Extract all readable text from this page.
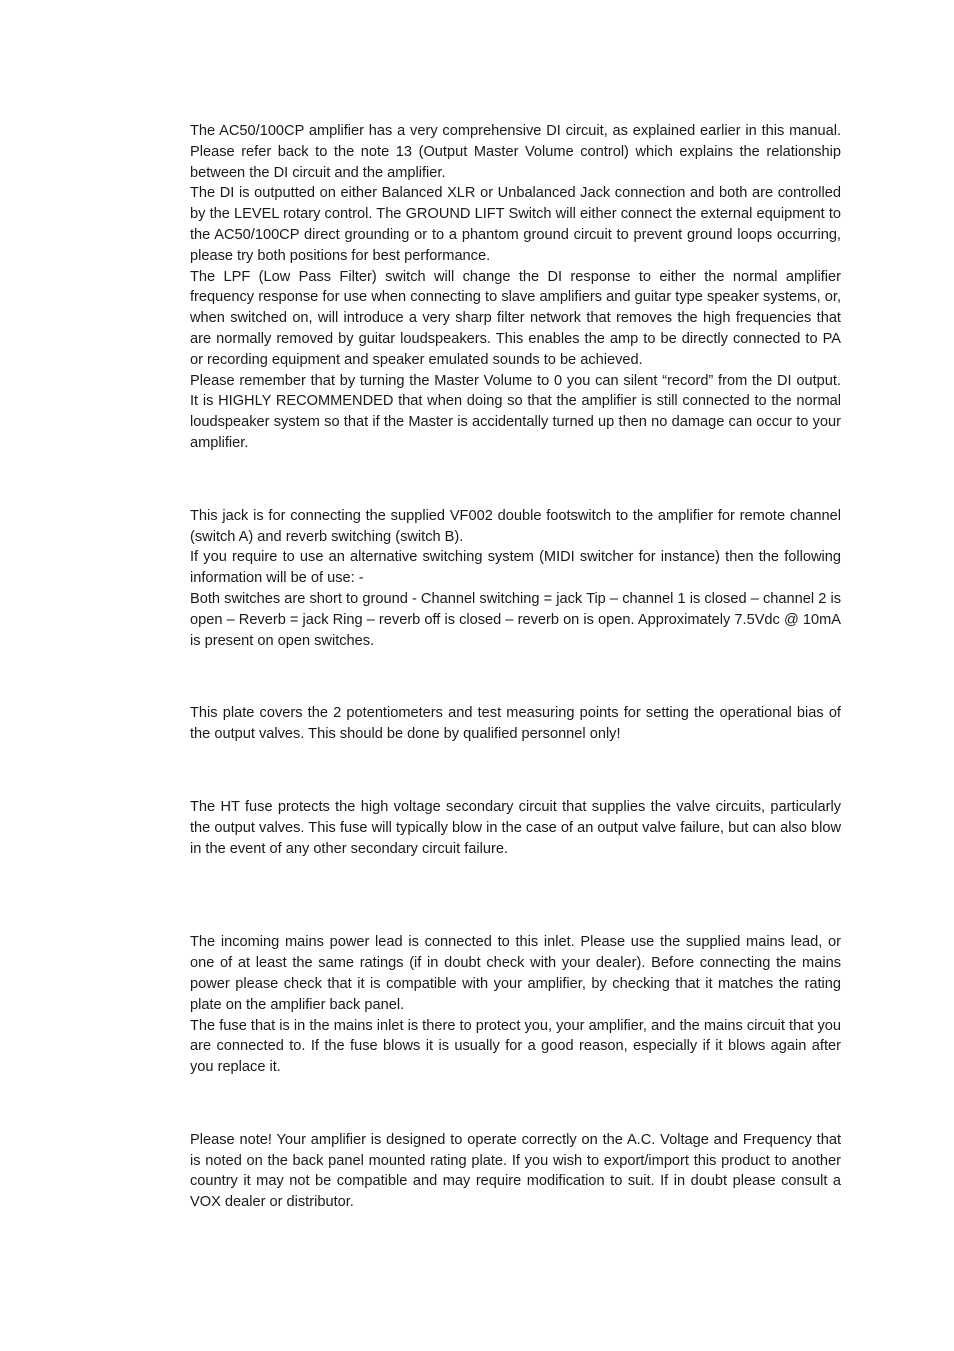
The AC50/100CP amplifier has a very comprehensive DI circuit, as explained earlier in this manual. Please refer back to the note 13 (Output Master Volume control) which explains the relationship between the DI circuit and the amplifier.

The DI is outputted on either Balanced XLR or Unbalanced Jack connection and both are controlled by the LEVEL rotary control. The GROUND LIFT Switch will either connect the external equipment to the AC50/100CP direct grounding or to a phantom ground circuit to prevent ground loops occurring, please try both positions for best performance.

The LPF (Low Pass Filter) switch will change the DI response to either the normal amplifier frequency response for use when connecting to slave amplifiers and guitar type speaker systems, or, when switched on, will introduce a very sharp filter network that removes the high frequencies that are normally removed by guitar loudspeakers. This enables the amp to be directly connected to PA or recording equipment and speaker emulated sounds to be achieved.

Please remember that by turning the Master Volume to 0 you can silent “record” from the DI output. It is HIGHLY RECOMMENDED that when doing so that the amplifier is still connected to the normal loudspeaker system so that if the Master is accidentally turned up then no damage can occur to your amplifier.

This jack is for connecting the supplied VF002 double footswitch to the amplifier for remote channel (switch A) and reverb switching (switch B).

If you require to use an alternative switching system (MIDI switcher for instance) then the following information will be of use: -

Both switches are short to ground - Channel switching = jack Tip – channel 1 is closed – channel 2 is open – Reverb = jack Ring – reverb off is closed – reverb on is open. Approximately 7.5Vdc @ 10mA is present on open switches.

This plate covers the 2 potentiometers and test measuring points for setting the operational bias of the output valves. This should be done by qualified personnel only!

The HT fuse protects the high voltage secondary circuit that supplies the valve circuits, particularly the output valves. This fuse will typically blow in the case of an output valve failure, but can also blow in the event of any other secondary circuit failure.

The incoming mains power lead is connected to this inlet. Please use the supplied mains lead, or one of at least the same ratings (if in doubt check with your dealer). Before connecting the mains power please check that it is compatible with your amplifier, by checking that it matches the rating plate on the amplifier back panel.

The fuse that is in the mains inlet is there to protect you, your amplifier, and the mains circuit that you are connected to. If the fuse blows it is usually for a good reason, especially if it blows again after you replace it.

Please note! Your amplifier is designed to operate correctly on the A.C. Voltage and Frequency that is noted on the back panel mounted rating plate. If you wish to export/import this product to another country it may not be compatible and may require modification to suit. If in doubt please consult a VOX dealer or distributor.
